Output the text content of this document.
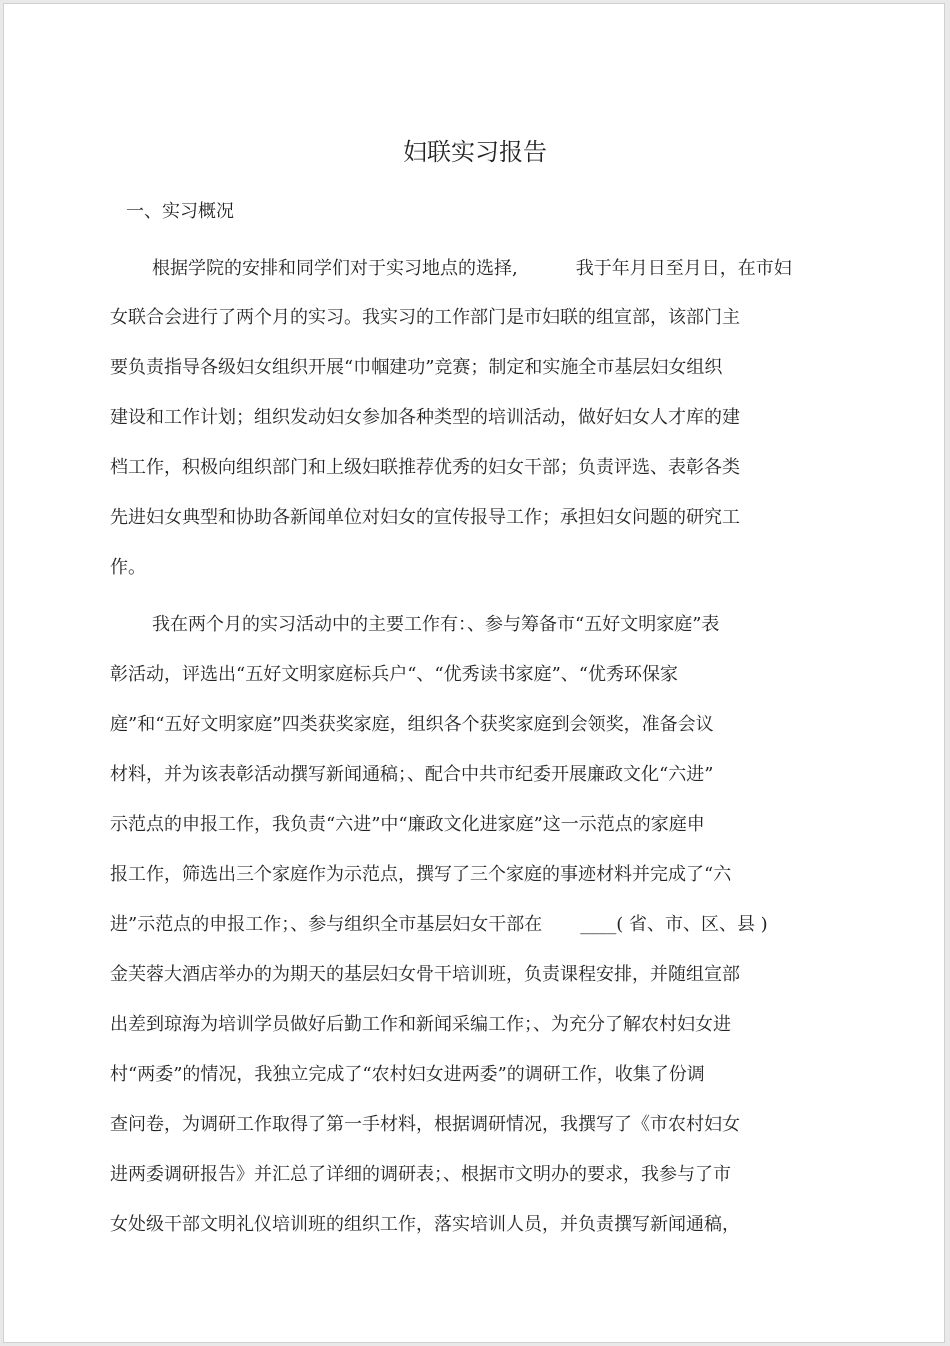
妇联实习报告
一、实习概况
根据学院的安排和同学们对于实习地点的选择,	我于年月日至月日，在市妇
女联合会进行了两个月的实习。我实习的工作部门是市妇联的组宣部，该部门主
要负责指导各级妇女组织开展“巾帼建功”竞赛；制定和实施全市基层妇女组织
建设和工作计划；组织发动妇女参加各种类型的培训活动，做好妇女人才库的建
档工作，积极向组织部门和上级妇联推荐优秀的妇女干部；负责评选、表彰各类
先进妇女典型和协助各新闻单位对妇女的宣传报导工作；承担妇女问题的研究工
作。
我在两个月的实习活动中的主要工作有：、参与筹备市“五好文明家庭”表
彰活动，评选出“五好文明家庭标兵户“、“优秀读书家庭”、“优秀环保家
庭”和“五好文明家庭”四类获奖家庭，组织各个获奖家庭到会领奖，准备会议
材料，并为该表彰活动撰写新闻通稿；、配合中共市纪委开展廉政文化“六进”
示范点的申报工作，我负责“六进”中“廉政文化进家庭”这一示范点的家庭申
报工作，筛选出三个家庭作为示范点，撰写了三个家庭的事迹材料并完成了“六
进”示范点的申报工作；、参与组织全市基层妇女干部在 ____( 省、市、区、县 )
金芙蓉大酒店举办的为期天的基层妇女骨干培训班，负责课程安排，并随组宣部
出差到琼海为培训学员做好后勤工作和新闻采编工作；、为充分了解农村妇女进
村“两委”的情况，我独立完成了“农村妇女进两委”的调研工作，收集了份调
查问卷，为调研工作取得了第一手材料，根据调研情况，我撰写了《市农村妇女
进两委调研报告》并汇总了详细的调研表；、根据市文明办的要求，我参与了市
女处级干部文明礼仪培训班的组织工作，落实培训人员，并负责撰写新闻通稿，
